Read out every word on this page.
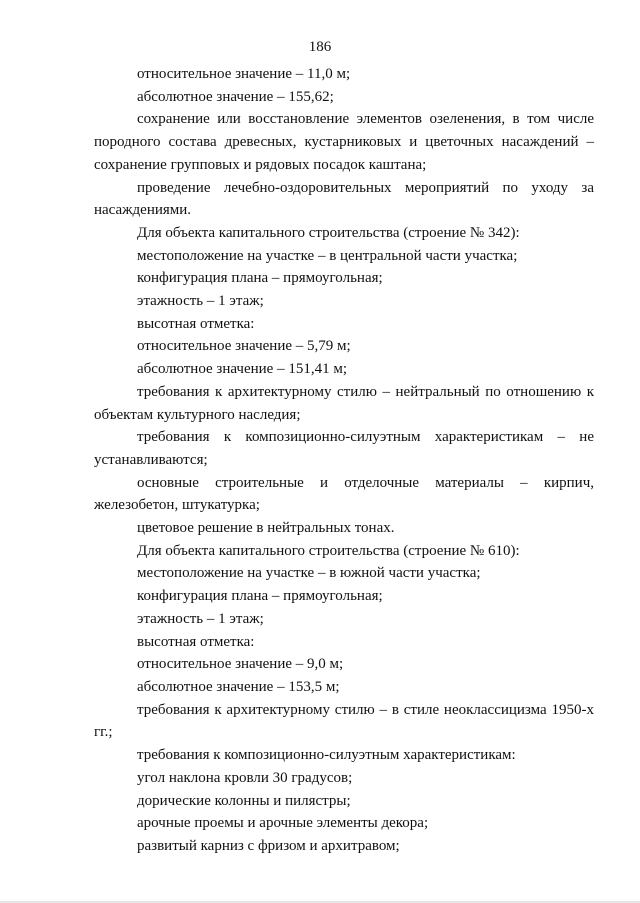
186

относительное значение – 11,0 м;

абсолютное значение – 155,62;

сохранение или восстановление элементов озеленения, в том числе породного состава древесных, кустарниковых и цветочных насаждений – сохранение групповых и рядовых посадок каштана;

проведение лечебно-оздоровительных мероприятий по уходу за насаждениями.

Для объекта капитального строительства (строение № 342):

местоположение на участке – в центральной части участка;

конфигурация плана – прямоугольная;

этажность – 1 этаж;

высотная отметка:

относительное значение – 5,79 м;

абсолютное значение – 151,41 м;

требования к архитектурному стилю – нейтральный по отношению к объектам культурного наследия;

требования к композиционно-силуэтным характеристикам – не устанавливаются;

основные строительные и отделочные материалы – кирпич, железобетон, штукатурка;

цветовое решение в нейтральных тонах.

Для объекта капитального строительства (строение № 610):

местоположение на участке – в южной части участка;

конфигурация плана – прямоугольная;

этажность – 1 этаж;

высотная отметка:

относительное значение – 9,0 м;

абсолютное значение – 153,5 м;

требования к архитектурному стилю – в стиле неоклассицизма 1950-х гг.;

требования к композиционно-силуэтным характеристикам:

угол наклона кровли 30 градусов;

дорические колонны и пилястры;

арочные проемы и арочные элементы декора;

развитый карниз с фризом и архитравом;
